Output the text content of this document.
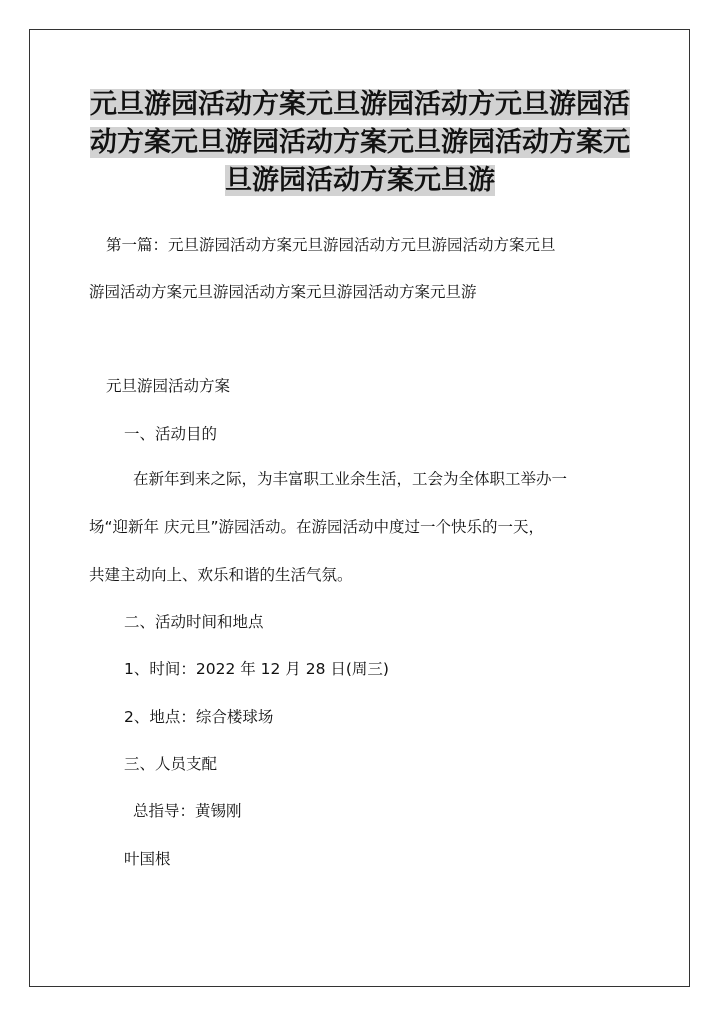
元旦游园活动方案元旦游园活动方元旦游园活动方案元旦游园活动方案元旦游园活动方案元旦游园活动方案元旦游

第一篇：元旦游园活动方案元旦游园活动方元旦游园活动方案元旦

游园活动方案元旦游园活动方案元旦游园活动方案元旦游

元旦游园活动方案

一、活动目的

在新年到来之际，为丰富职工业余生活，工会为全体职工举办一

场“迎新年 庆元旦”游园活动。在游园活动中度过一个快乐的一天，

共建主动向上、欢乐和谐的生活气氛。

二、活动时间和地点

1、时间：2022 年 12 月 28 日(周三)

2、地点：综合楼球场

三、人员支配

总指导：黄锡刚

叶国根
